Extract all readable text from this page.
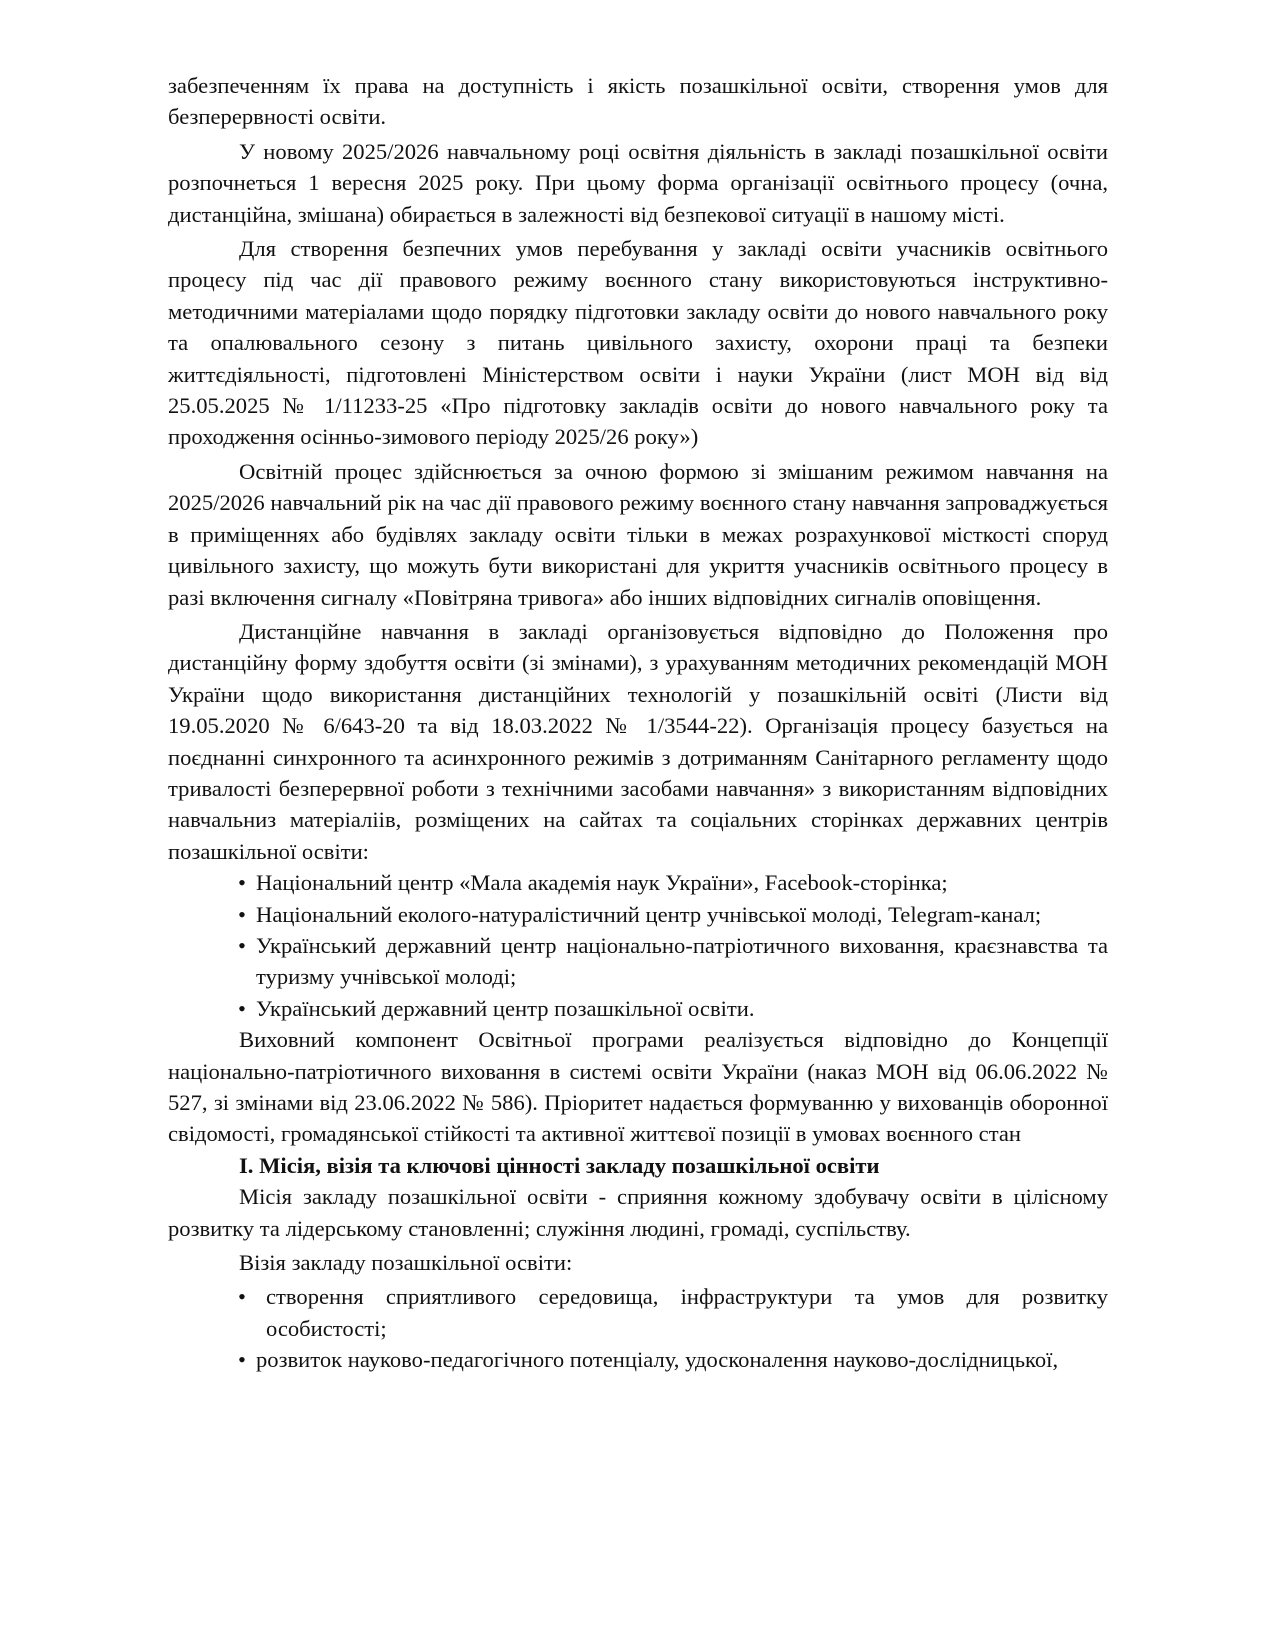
забезпеченням їх права на доступність і якість позашкільної освіти, створення умов для безперервності освіти.

У новому 2025/2026 навчальному році освітня діяльність в закладі позашкільної освіти розпочнеться 1 вересня 2025 року. При цьому форма організації освітнього процесу (очна, дистанційна, змішана) обирається в залежності від безпекової ситуації в нашому місті.

Для створення безпечних умов перебування у закладі освіти учасників освітнього процесу під час дії правового режиму воєнного стану використовуються інструктивно-методичними матеріалами щодо порядку підготовки закладу освіти до нового навчального року та опалювального сезону з питань цивільного захисту, охорони праці та безпеки життєдіяльності, підготовлені Міністерством освіти і науки України (лист МОН від від 25.05.2025 № 1/11233-25 «Про підготовку закладів освіти до нового навчального року та проходження осінньо-зимового періоду 2025/26 року»)

Освітній процес здійснюється за очною формою зі змішаним режимом навчання на 2025/2026 навчальний рік на час дії правового режиму воєнного стану навчання запроваджується в приміщеннях або будівлях закладу освіти тільки в межах розрахункової місткості споруд цивільного захисту, що можуть бути використані для укриття учасників освітнього процесу в разі включення сигналу «Повітряна тривога» або інших відповідних сигналів оповіщення.

Дистанційне навчання в закладі організовується відповідно до Положення про дистанційну форму здобуття освіти (зі змінами), з урахуванням методичних рекомендацій МОН України щодо використання дистанційних технологій у позашкільній освіті (Листи від 19.05.2020 № 6/643-20 та від 18.03.2022 № 1/3544-22). Організація процесу базується на поєднанні синхронного та асинхронного режимів з дотриманням Санітарного регламенту щодо тривалості безперервної роботи з технічними засобами навчання» з використанням відповідних навчальниз матеріаліів, розміщених на сайтах та соціальних сторінках державних центрів позашкільної освіти:

• Національний центр «Мала академія наук України», Facebook-сторінка;
• Національний еколого-натуралістичний центр учнівської молоді, Telegram-канал;
• Український державний центр національно-патріотичного виховання, краєзнавства та туризму учнівської молоді;
• Український державний центр позашкільної освіти.

Виховний компонент Освітньої програми реалізується відповідно до Концепції національно-патріотичного виховання в системі освіти України (наказ МОН від 06.06.2022 № 527, зі змінами від 23.06.2022 № 586). Пріоритет надається формуванню у вихованців оборонної свідомості, громадянської стійкості та активної життєвої позиції в умовах воєнного стан

І. Місія, візія та ключові цінності закладу позашкільної освіти

Місія закладу позашкільної освіти - сприяння кожному здобувачу освіти в цілісному розвитку та лідерському становленні; служіння людині, громаді, суспільству.

Візія закладу позашкільної освіти:

• створення сприятливого середовища, інфраструктури та умов для розвитку особистості;
• розвиток науково-педагогічного потенціалу, удосконалення науково-дослідницької,
